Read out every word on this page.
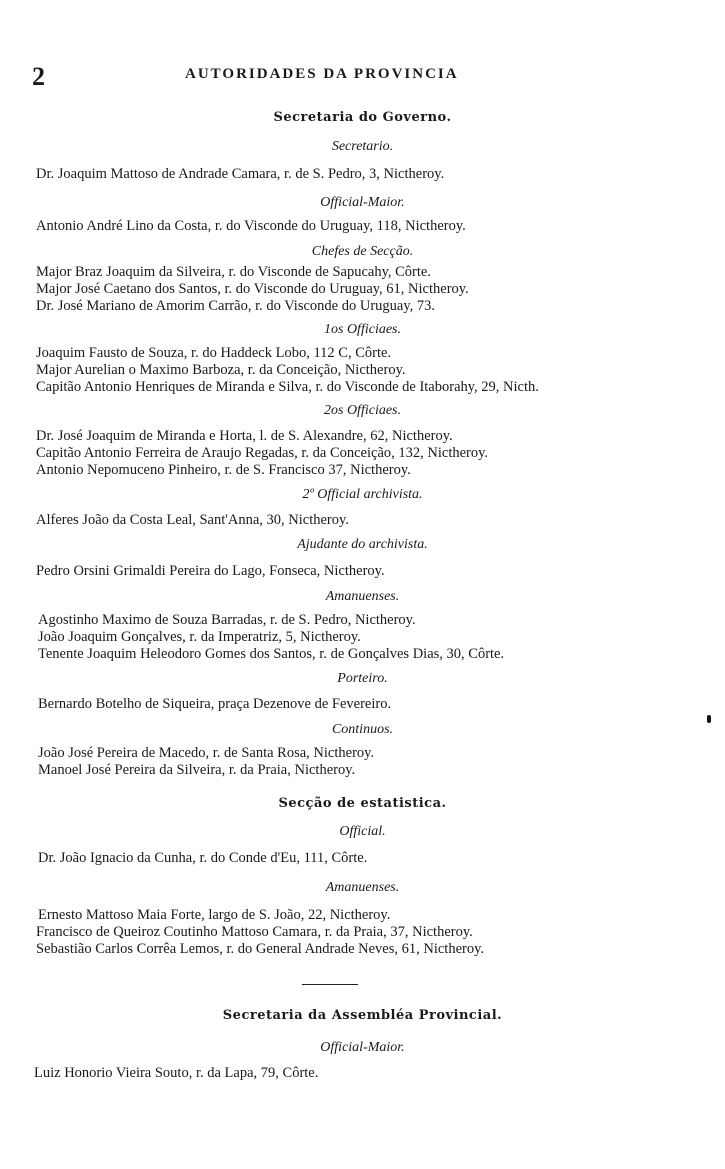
2	AUTORIDADES DA PROVINCIA
Secretaria do Governo.
Secretario.
Dr. Joaquim Mattoso de Andrade Camara, r. de S. Pedro, 3, Nictheroy.
Official-Maior.
Antonio André Lino da Costa, r. do Visconde do Uruguay, 118, Nictheroy.
Chefes de Secção.
Major Braz Joaquim da Silveira, r. do Visconde de Sapucahy, Côrte.
Major José Caetano dos Santos, r. do Visconde do Uruguay, 61, Nictheroy.
Dr. José Mariano de Amorim Carrão, r. do Visconde do Uruguay, 73.
1os Officiaes.
Joaquim Fausto de Souza, r. do Haddeck Lobo, 112 C, Côrte.
Major Aurelian o Maximo Barboza, r. da Conceição, Nictheroy.
Capitão Antonio Henriques de Miranda e Silva, r. do Visconde de Itaborahy, 29, Nicth.
2os Officiaes.
Dr. José Joaquim de Miranda e Horta, l. de S. Alexandre, 62, Nictheroy.
Capitão Antonio Ferreira de Araujo Regadas, r. da Conceição, 132, Nictheroy.
Antonio Nepomuceno Pinheiro, r. de S. Francisco 37, Nictheroy.
2º Official archivista.
Alferes João da Costa Leal, Sant'Anna, 30, Nictheroy.
Ajudante do archivista.
Pedro Orsini Grimaldi Pereira do Lago, Fonseca, Nictheroy.
Amanuenses.
Agostinho Maximo de Souza Barradas, r. de S. Pedro, Nictheroy.
João Joaquim Gonçalves, r. da Imperatriz, 5, Nictheroy.
Tenente Joaquim Heleodoro Gomes dos Santos, r. de Gonçalves Dias, 30, Côrte.
Porteiro.
Bernardo Botelho de Siqueira, praça Dezenove de Fevereiro.
Continuos.
João José Pereira de Macedo, r. de Santa Rosa, Nictheroy.
Manoel José Pereira da Silveira, r. da Praia, Nictheroy.
Secção de estatistica.
Official.
Dr. João Ignacio da Cunha, r. do Conde d'Eu, 111, Côrte.
Amanuenses.
Ernesto Mattoso Maia Forte, largo de S. João, 22, Nictheroy.
Francisco de Queiroz Coutinho Mattoso Camara, r. da Praia, 37, Nictheroy.
Sebastião Carlos Corrêa Lemos, r. do General Andrade Neves, 61, Nictheroy.
Secretaria da Assembléa Provincial.
Official-Maior.
Luiz Honorio Vieira Souto, r. da Lapa, 79, Côrte.
